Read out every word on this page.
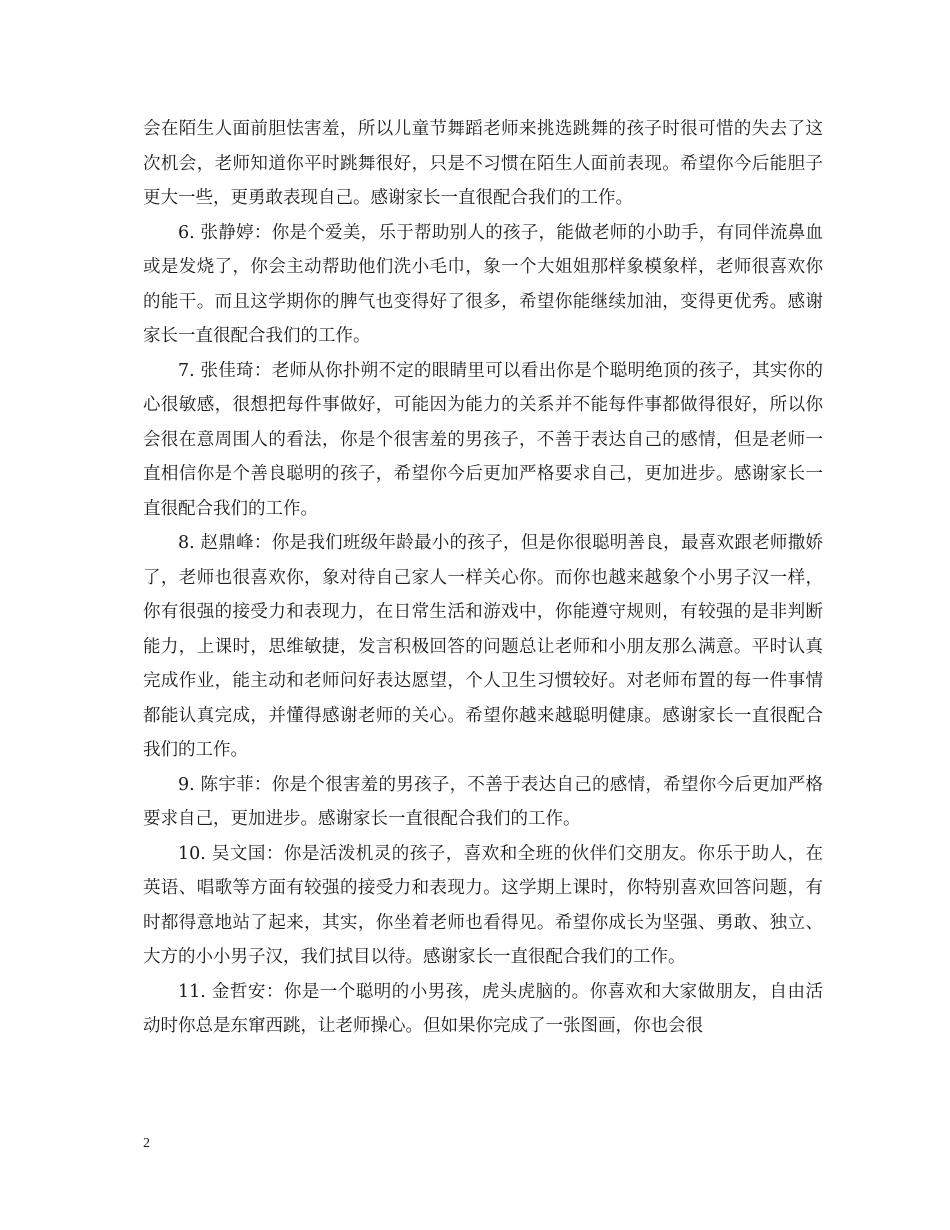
会在陌生人面前胆怯害羞，所以儿童节舞蹈老师来挑选跳舞的孩子时很可惜的失去了这次机会，老师知道你平时跳舞很好，只是不习惯在陌生人面前表现。希望你今后能胆子更大一些，更勇敢表现自己。感谢家长一直很配合我们的工作。

6. 张静婷：你是个爱美，乐于帮助别人的孩子，能做老师的小助手，有同伴流鼻血或是发烧了，你会主动帮助他们洗小毛巾，象一个大姐姐那样象模象样，老师很喜欢你的能干。而且这学期你的脾气也变得好了很多，希望你能继续加油，变得更优秀。感谢家长一直很配合我们的工作。

7. 张佳琦：老师从你扑朔不定的眼睛里可以看出你是个聪明绝顶的孩子，其实你的心很敏感，很想把每件事做好，可能因为能力的关系并不能每件事都做得很好，所以你会很在意周围人的看法，你是个很害羞的男孩子，不善于表达自己的感情，但是老师一直相信你是个善良聪明的孩子，希望你今后更加严格要求自己，更加进步。感谢家长一直很配合我们的工作。

8. 赵鼎峰：你是我们班级年龄最小的孩子，但是你很聪明善良，最喜欢跟老师撒娇了，老师也很喜欢你，象对待自己家人一样关心你。而你也越来越象个小男子汉一样，你有很强的接受力和表现力，在日常生活和游戏中，你能遵守规则，有较强的是非判断能力，上课时，思维敏捷，发言积极回答的问题总让老师和小朋友那么满意。平时认真完成作业，能主动和老师问好表达愿望，个人卫生习惯较好。对老师布置的每一件事情都能认真完成，并懂得感谢老师的关心。希望你越来越聪明健康。感谢家长一直很配合我们的工作。

9. 陈宇菲：你是个很害羞的男孩子，不善于表达自己的感情，希望你今后更加严格要求自己，更加进步。感谢家长一直很配合我们的工作。

10. 吴文国：你是活泼机灵的孩子，喜欢和全班的伙伴们交朋友。你乐于助人，在英语、唱歌等方面有较强的接受力和表现力。这学期上课时，你特别喜欢回答问题，有时都得意地站了起来，其实，你坐着老师也看得见。希望你成长为坚强、勇敢、独立、大方的小小男子汉，我们拭目以待。感谢家长一直很配合我们的工作。

11. 金哲安：你是一个聪明的小男孩，虎头虎脑的。你喜欢和大家做朋友，自由活动时你总是东窜西跳，让老师操心。但如果你完成了一张图画，你也会很

2
